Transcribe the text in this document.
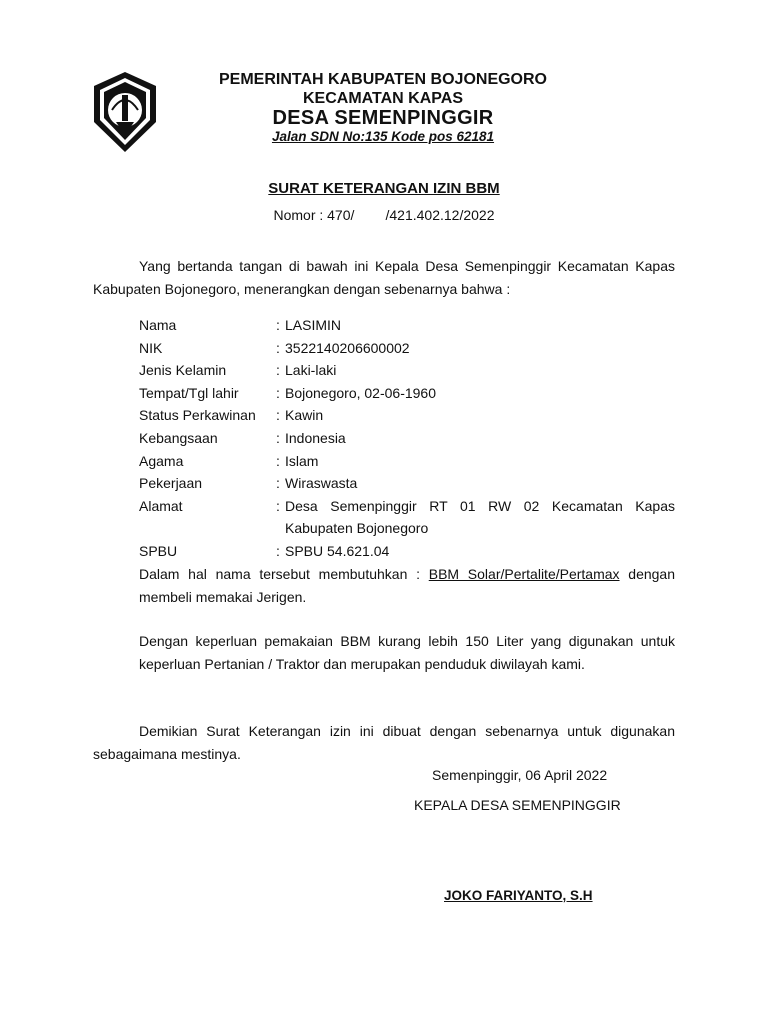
PEMERINTAH KABUPATEN BOJONEGORO
KECAMATAN KAPAS
DESA SEMENPINGGIR
Jalan SDN No:135 Kode pos 62181
SURAT KETERANGAN IZIN BBM
Nomor : 470/        /421.402.12/2022
Yang bertanda tangan di bawah ini Kepala Desa Semenpinggir Kecamatan Kapas Kabupaten Bojonegoro, menerangkan dengan sebenarnya bahwa :
Nama	: LASIMIN
NIK	: 3522140206600002
Jenis Kelamin	: Laki-laki
Tempat/Tgl lahir	: Bojonegoro, 02-06-1960
Status Perkawinan	: Kawin
Kebangsaan	: Indonesia
Agama	: Islam
Pekerjaan	: Wiraswasta
Alamat	: Desa Semenpinggir RT 01 RW 02 Kecamatan Kapas Kabupaten Bojonegoro
SPBU	: SPBU 54.621.04
Dalam hal nama tersebut membutuhkan : BBM Solar/Pertalite/Pertamax dengan membeli memakai Jerigen.
Dengan keperluan pemakaian BBM kurang lebih 150 Liter yang digunakan untuk keperluan Pertanian / Traktor dan merupakan penduduk diwilayah kami.
Demikian Surat Keterangan izin ini dibuat dengan sebenarnya untuk digunakan sebagaimana mestinya.
Semenpinggir, 06 April 2022
KEPALA DESA SEMENPINGGIR
JOKO FARIYANTO, S.H
